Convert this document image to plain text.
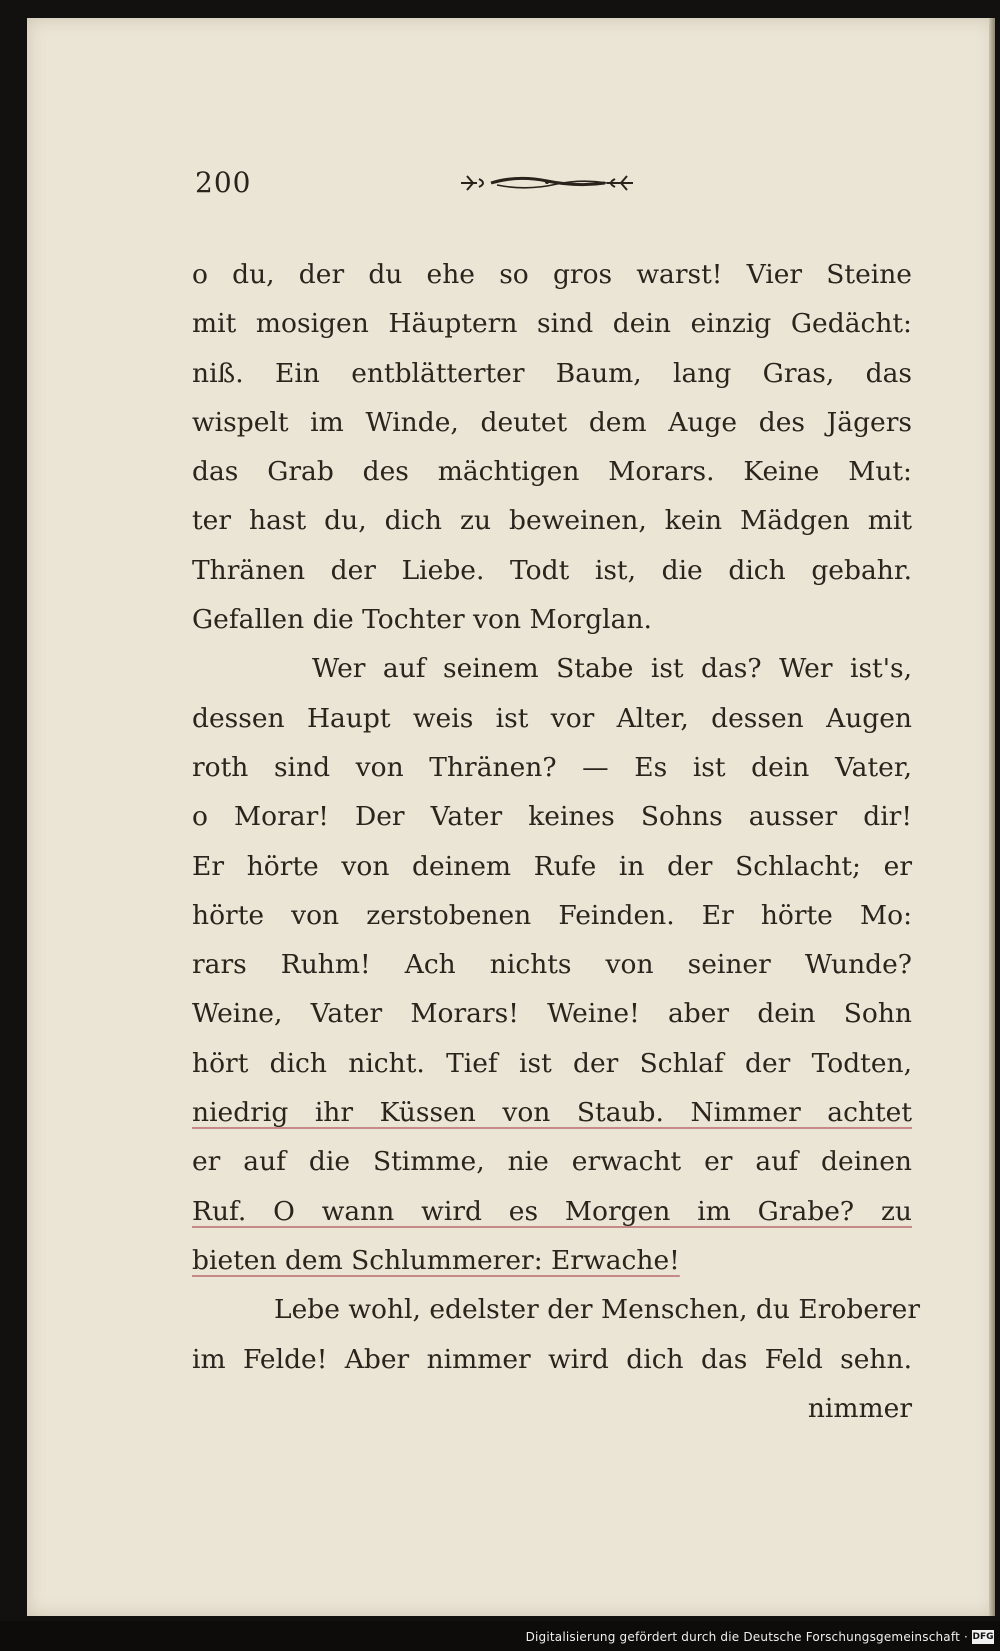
200
o du, der du ehe so gros warst! Vier Steine
mit mosigen Häuptern sind dein einzig Gedächt:
niß. Ein entblätterter Baum, lang Gras, das
wispelt im Winde, deutet dem Auge des Jägers
das Grab des mächtigen Morars. Keine Mut:
ter hast du, dich zu beweinen, kein Mädgen mit
Thränen der Liebe. Todt ist, die dich gebahr.
Gefallen die Tochter von Morglan.
Wer auf seinem Stabe ist das? Wer ist's,
dessen Haupt weis ist vor Alter, dessen Augen
roth sind von Thränen? — Es ist dein Vater,
o Morar! Der Vater keines Sohns ausser dir!
Er hörte von deinem Rufe in der Schlacht; er
hörte von zerstobenen Feinden. Er hörte Mo:
rars Ruhm! Ach nichts von seiner Wunde?
Weine, Vater Morars! Weine! aber dein Sohn
hört dich nicht. Tief ist der Schlaf der Todten,
niedrig ihr Küssen von Staub. Nimmer achtet
er auf die Stimme, nie erwacht er auf deinen
Ruf. O wann wird es Morgen im Grabe? zu
bieten dem Schlummerer: Erwache!
Lebe wohl, edelster der Menschen, du Eroberer
im Felde! Aber nimmer wird dich das Feld sehn.
nimmer
Digitalisierung gefördert durch die Deutsche Forschungsgemeinschaft · DFG
